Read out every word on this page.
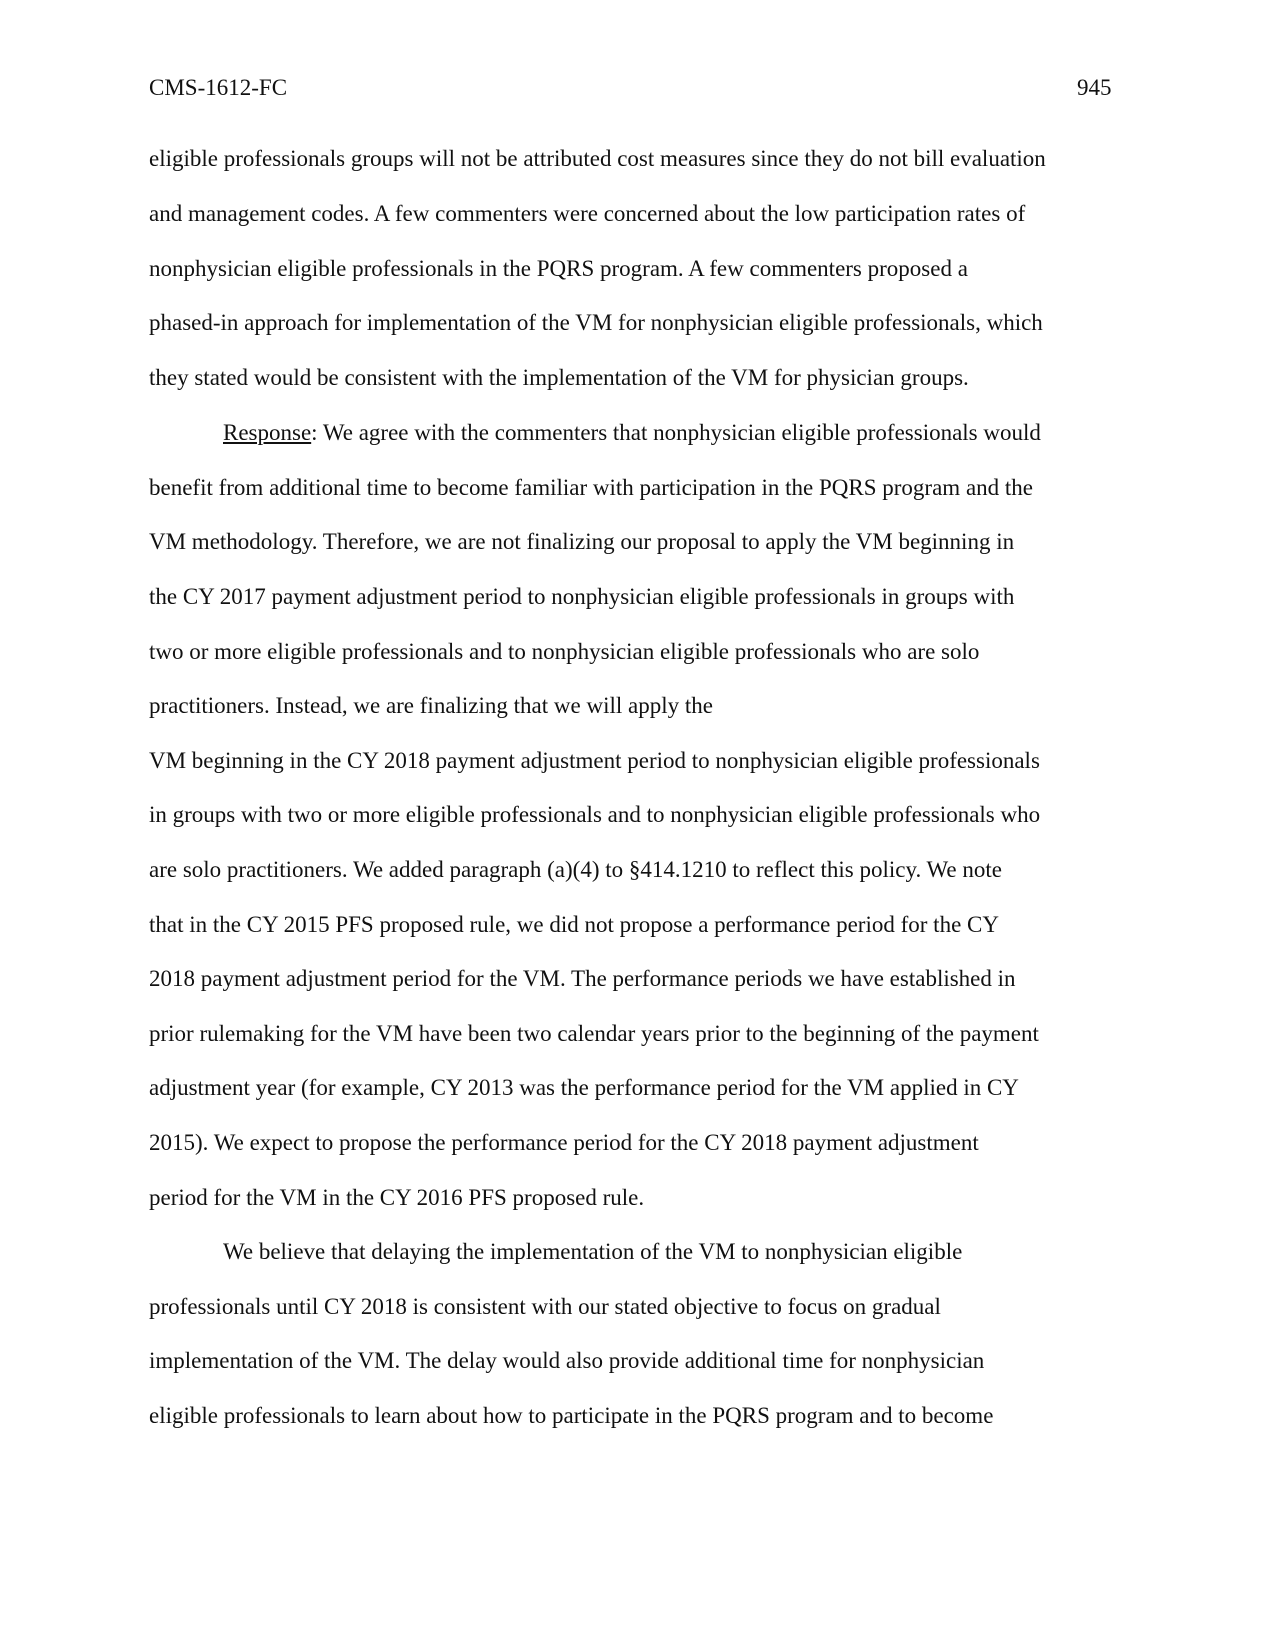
CMS-1612-FC	945
eligible professionals groups will not be attributed cost measures since they do not bill evaluation
and management codes. A few commenters were concerned about the low participation rates of
nonphysician eligible professionals in the PQRS program. A few commenters proposed a
phased-in approach for implementation of the VM for nonphysician eligible professionals, which
they stated would be consistent with the implementation of the VM for physician groups.
Response: We agree with the commenters that nonphysician eligible professionals would
benefit from additional time to become familiar with participation in the PQRS program and the
VM methodology. Therefore, we are not finalizing our proposal to apply the VM beginning in
the CY 2017 payment adjustment period to nonphysician eligible professionals in groups with
two or more eligible professionals and to nonphysician eligible professionals who are solo
practitioners. Instead, we are finalizing that we will apply the
VM beginning in the CY 2018 payment adjustment period to nonphysician eligible professionals
in groups with two or more eligible professionals and to nonphysician eligible professionals who
are solo practitioners. We added paragraph (a)(4) to §414.1210 to reflect this policy. We note
that in the CY 2015 PFS proposed rule, we did not propose a performance period for the CY
2018 payment adjustment period for the VM. The performance periods we have established in
prior rulemaking for the VM have been two calendar years prior to the beginning of the payment
adjustment year (for example, CY 2013 was the performance period for the VM applied in CY
2015). We expect to propose the performance period for the CY 2018 payment adjustment
period for the VM in the CY 2016 PFS proposed rule.
We believe that delaying the implementation of the VM to nonphysician eligible
professionals until CY 2018 is consistent with our stated objective to focus on gradual
implementation of the VM. The delay would also provide additional time for nonphysician
eligible professionals to learn about how to participate in the PQRS program and to become
